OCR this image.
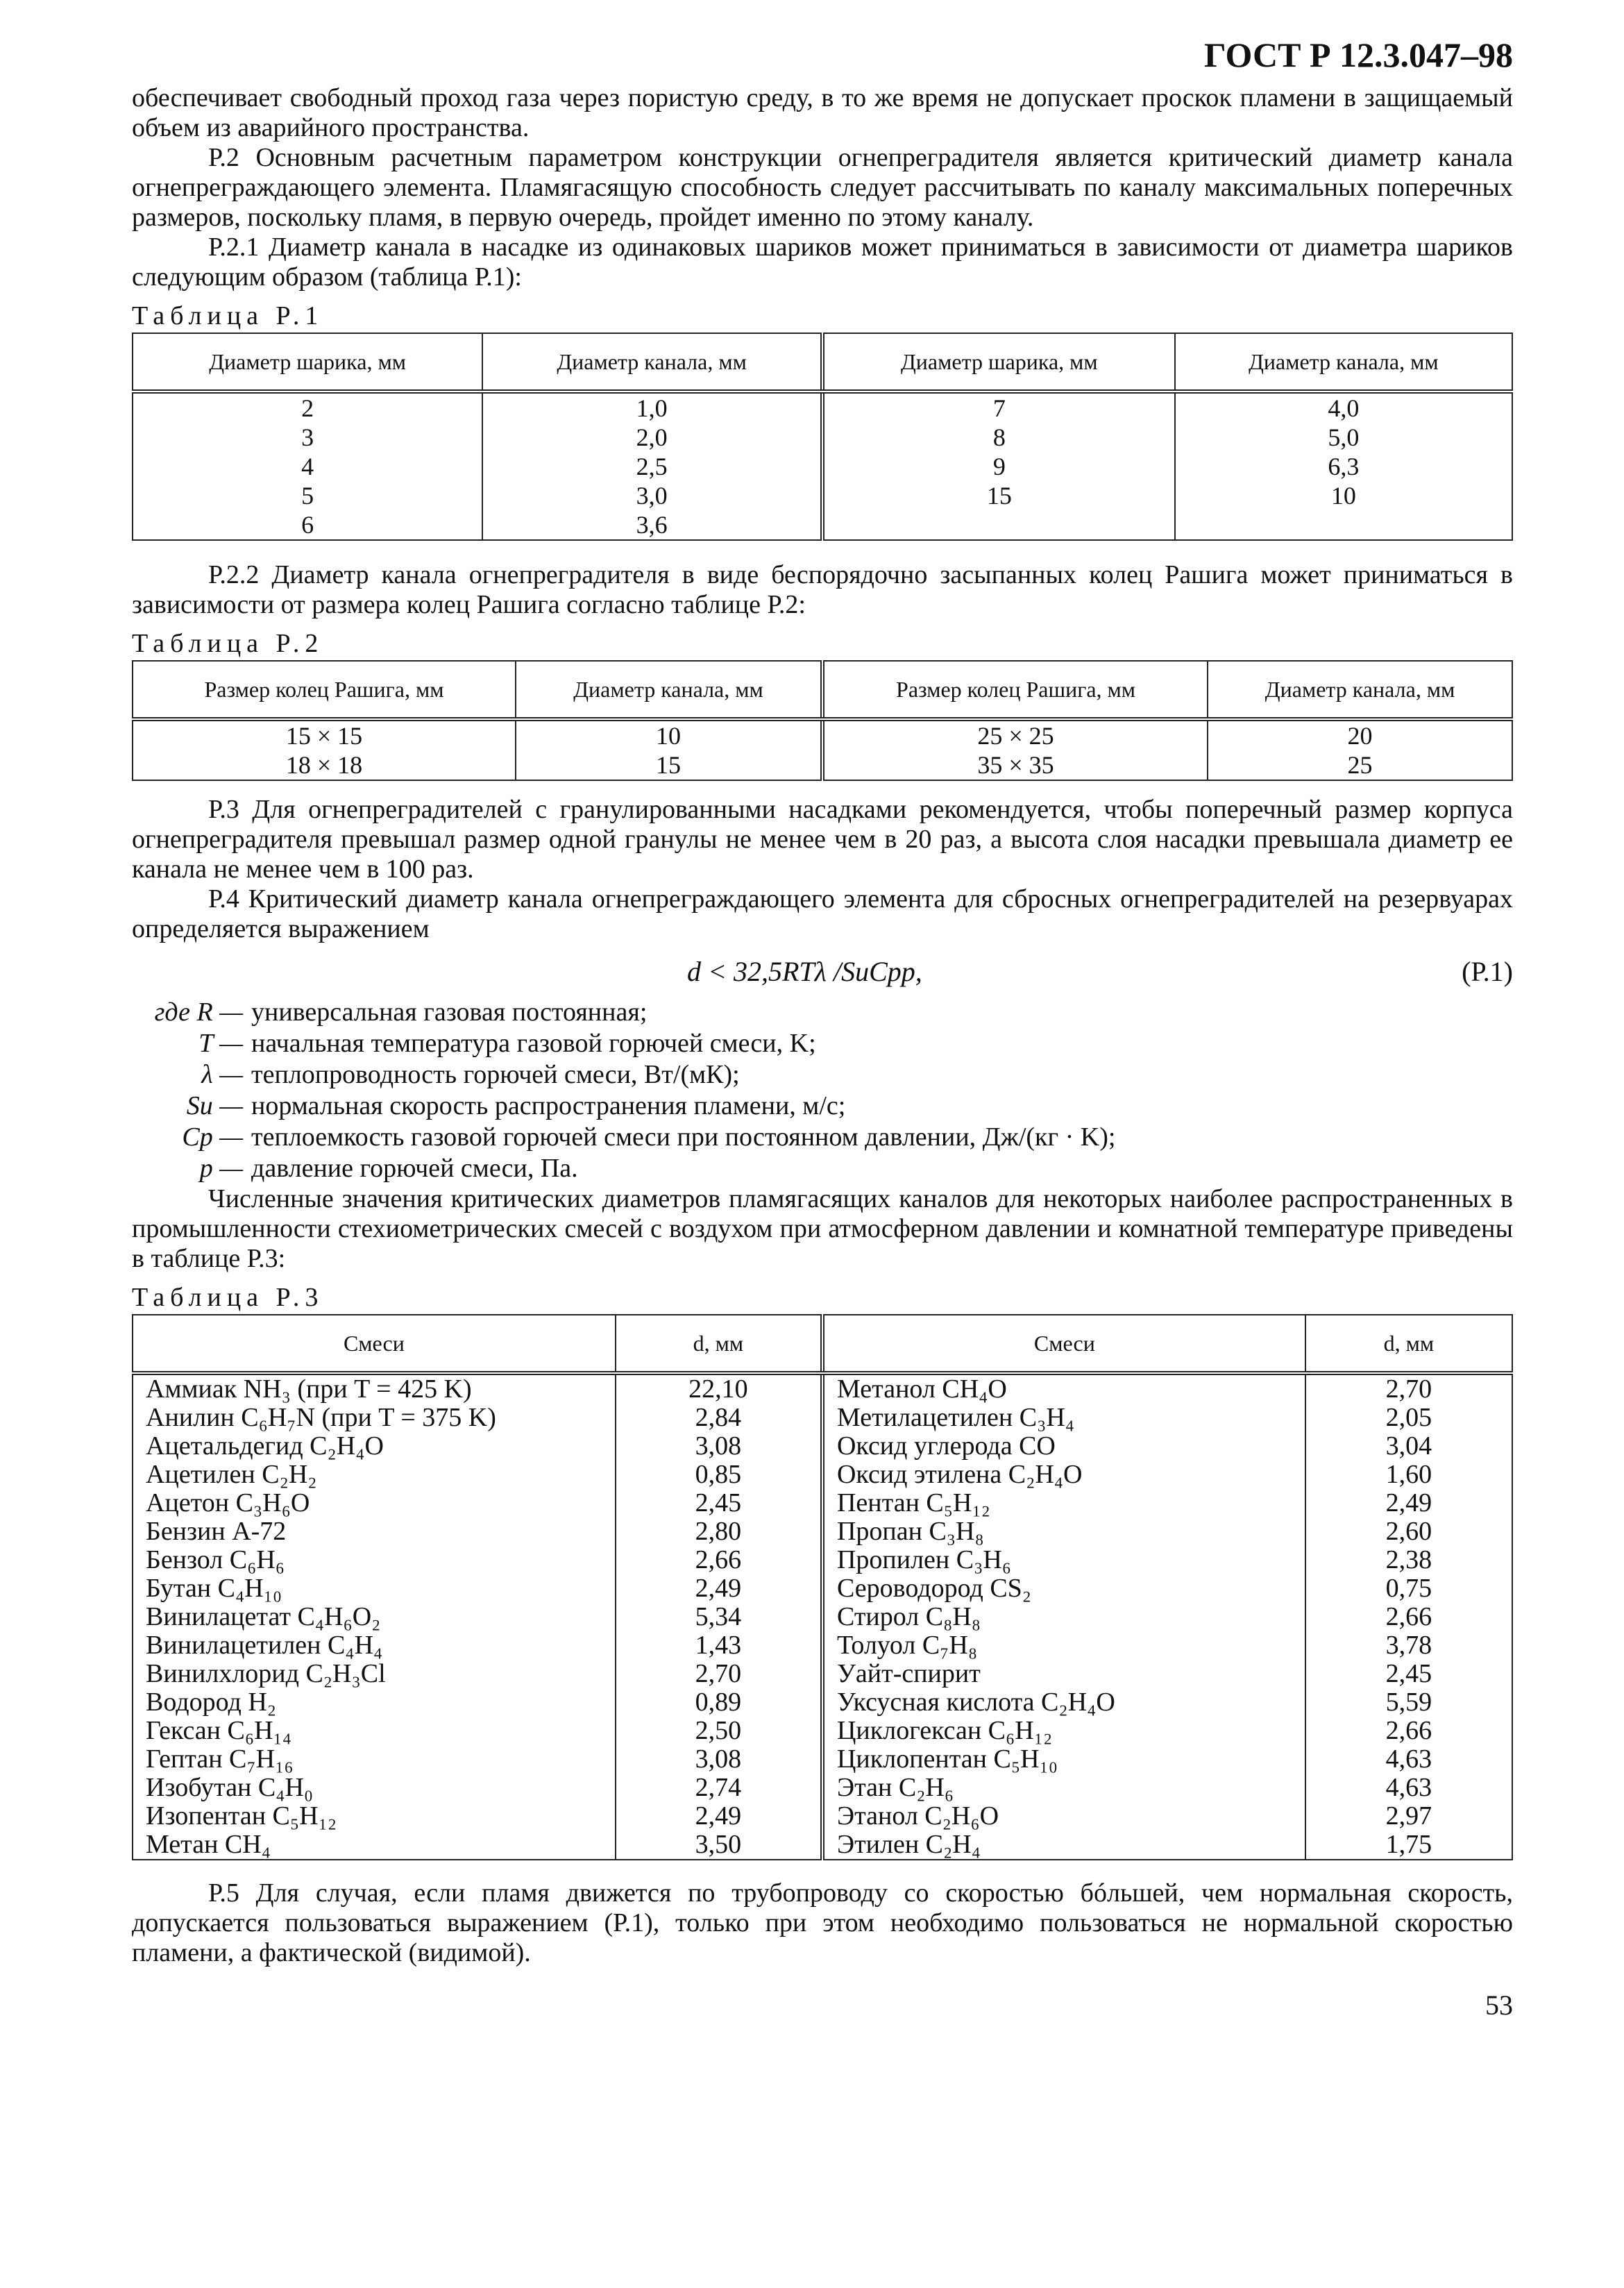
ГОСТ Р 12.3.047–98

обеспечивает свободный проход газа через пористую среду, в то же время не допускает проскок пламени в защищаемый объем из аварийного пространства.

Р.2 Основным расчетным параметром конструкции огнепреградителя является критический диаметр канала огнепреграждающего элемента. Пламягасящую способность следует рассчитывать по каналу максимальных поперечных размеров, поскольку пламя, в первую очередь, пройдет именно по этому каналу.

Р.2.1 Диаметр канала в насадке из одинаковых шариков может приниматься в зависимости от диаметра шариков следующим образом (таблица Р.1):

Таблица Р.1
Диаметр шарика, мм	Диаметр канала, мм	Диаметр шарика, мм	Диаметр канала, мм
2	1,0	7	4,0
3	2,0	8	5,0
4	2,5	9	6,3
5	3,0	15	10
6	3,6		

Р.2.2 Диаметр канала огнепреградителя в виде беспорядочно засыпанных колец Рашига может приниматься в зависимости от размера колец Рашига согласно таблице Р.2:

Таблица Р.2
Размер колец Рашига, мм	Диаметр канала, мм	Размер колец Рашига, мм	Диаметр канала, мм
15 × 15	10	25 × 25	20
18 × 18	15	35 × 35	25

Р.3 Для огнепреградителей с гранулированными насадками рекомендуется, чтобы поперечный размер корпуса огнепреградителя превышал размер одной гранулы не менее чем в 20 раз, а высота слоя насадки превышала диаметр ее канала не менее чем в 100 раз.

Р.4 Критический диаметр канала огнепреграждающего элемента для сбросных огнепреградителей на резервуарах определяется выражением

d < 32,5RTλ /SuCpp,	(Р.1)
где R — универсальная газовая постоянная;
T — начальная температура газовой горючей смеси, K;
λ — теплопроводность горючей смеси, Вт/(мК);
Su — нормальная скорость распространения пламени, м/с;
Cp — теплоемкость газовой горючей смеси при постоянном давлении, Дж/(кг · K);
p — давление горючей смеси, Па.

Численные значения критических диаметров пламягасящих каналов для некоторых наиболее распространенных в промышленности стехиометрических смесей с воздухом при атмосферном давлении и комнатной температуре приведены в таблице Р.3:

Таблица Р.3
Смеси	d, мм	Смеси	d, мм
Аммиак NH₃ (при T = 425 K)	22,10	Метанол CH₄O	2,70
Анилин C₆H₇N (при T = 375 K)	2,84	Метилацетилен C₃H₄	2,05
Ацетальдегид C₂H₄O	3,08	Оксид углерода CO	3,04
Ацетилен C₂H₂	0,85	Оксид этилена C₂H₄O	1,60
Ацетон C₃H₆O	2,45	Пентан C₅H₁₂	2,49
Бензин А-72	2,80	Пропан C₃H₈	2,60
Бензол C₆H₆	2,66	Пропилен C₃H₆	2,38
Бутан C₄H₁₀	2,49	Сероводород CS₂	0,75
Винилацетат C₄H₆O₂	5,34	Стирол C₈H₈	2,66
Винилацетилен C₄H₄	1,43	Толуол C₇H₈	3,78
Винилхлорид C₂H₃Cl	2,70	Уайт-спирит	2,45
Водород H₂	0,89	Уксусная кислота C₂H₄O	5,59
Гексан C₆H₁₄	2,50	Циклогексан C₆H₁₂	2,66
Гептан C₇H₁₆	3,08	Циклопентан C₅H₁₀	4,63
Изобутан C₄H₀	2,74	Этан C₂H₆	4,63
Изопентан C₅H₁₂	2,49	Этанол C₂H₆O	2,97
Метан CH₄	3,50	Этилен C₂H₄	1,75

Р.5 Для случая, если пламя движется по трубопроводу со скоростью бóльшей, чем нормальная скорость, допускается пользоваться выражением (Р.1), только при этом необходимо пользоваться не нормальной скоростью пламени, а фактической (видимой).

53
